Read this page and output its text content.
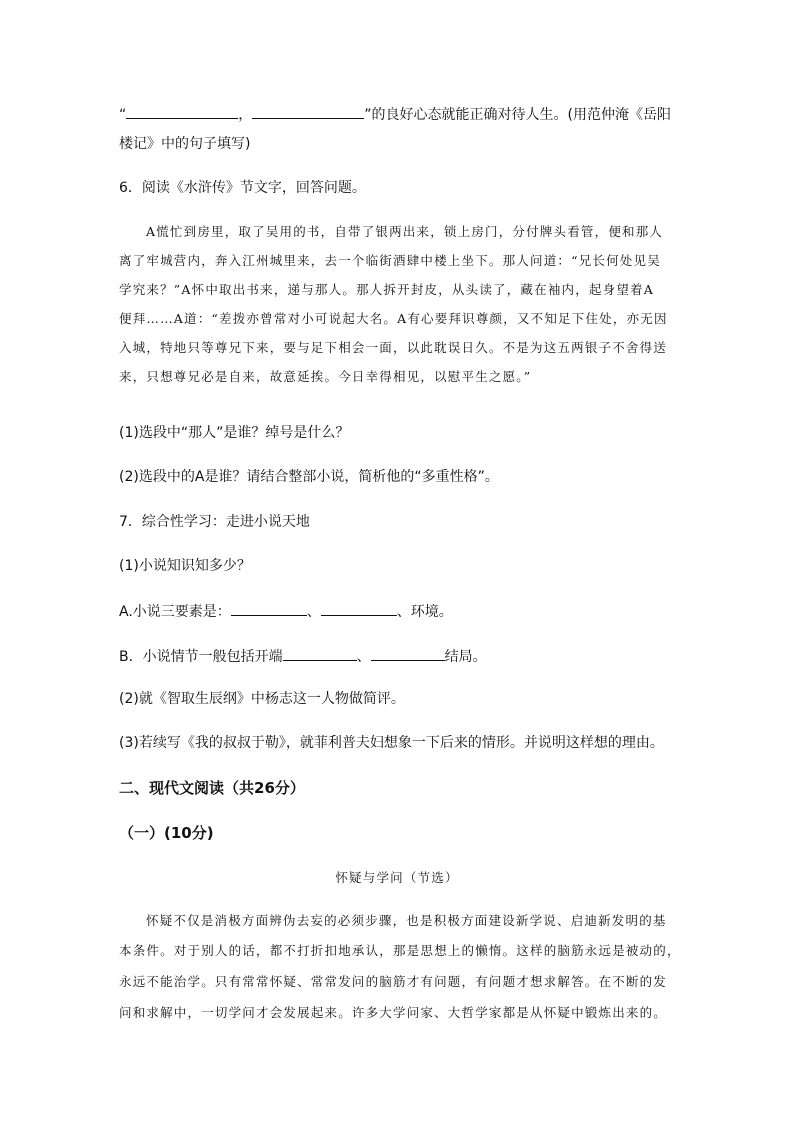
“	，	”的良好心态就能正确对待人生。(用范仲淹《岳阳
楼记》中的句子填写)
6．阅读《水浒传》节文字，回答问题。
A慌忙到房里，取了吴用的书，自带了银两出来，锁上房门，分付牌头看管，便和那人
离了牢城营内，奔入江州城里来，去一个临街酒肆中楼上坐下。那人问道：“兄长何处见吴
学究来？”A怀中取出书来，递与那人。那人拆开封皮，从头读了，藏在袖内，起身望着A
便拜……A道：“差拨亦曾常对小可说起大名。A有心要拜识尊颜，又不知足下住处，亦无因
入城，特地只等尊兄下来，要与足下相会一面，以此耽误日久。不是为这五两银子不舍得送
来，只想尊兄必是自来，故意延挨。今日幸得相见，以慰平生之愿。”
(1)选段中“那人”是谁？绰号是什么？
(2)选段中的A是谁？请结合整部小说，简析他的“多重性格”。
7．综合性学习：走进小说天地
(1)小说知识知多少？
A.小说三要素是：	、	、环境。
B．小说情节一般包括开端	、	结局。
(2)就《智取生辰纲》中杨志这一人物做简评。
(3)若续写《我的叔叔于勒》，就菲利普夫妇想象一下后来的情形。并说明这样想的理由。
二、现代文阅读（共26分）
（一）(10分)
怀疑与学问（节选）
怀疑不仅是消极方面辨伪去妄的必须步骤，也是积极方面建设新学说、启迪新发明的基
本条件。对于别人的话，都不打折扣地承认，那是思想上的懒惰。这样的脑筋永远是被动的，
永远不能治学。只有常常怀疑、常常发问的脑筋才有问题，有问题才想求解答。在不断的发
问和求解中，一切学问才会发展起来。许多大学问家、大哲学家都是从怀疑中锻炼出来的。
